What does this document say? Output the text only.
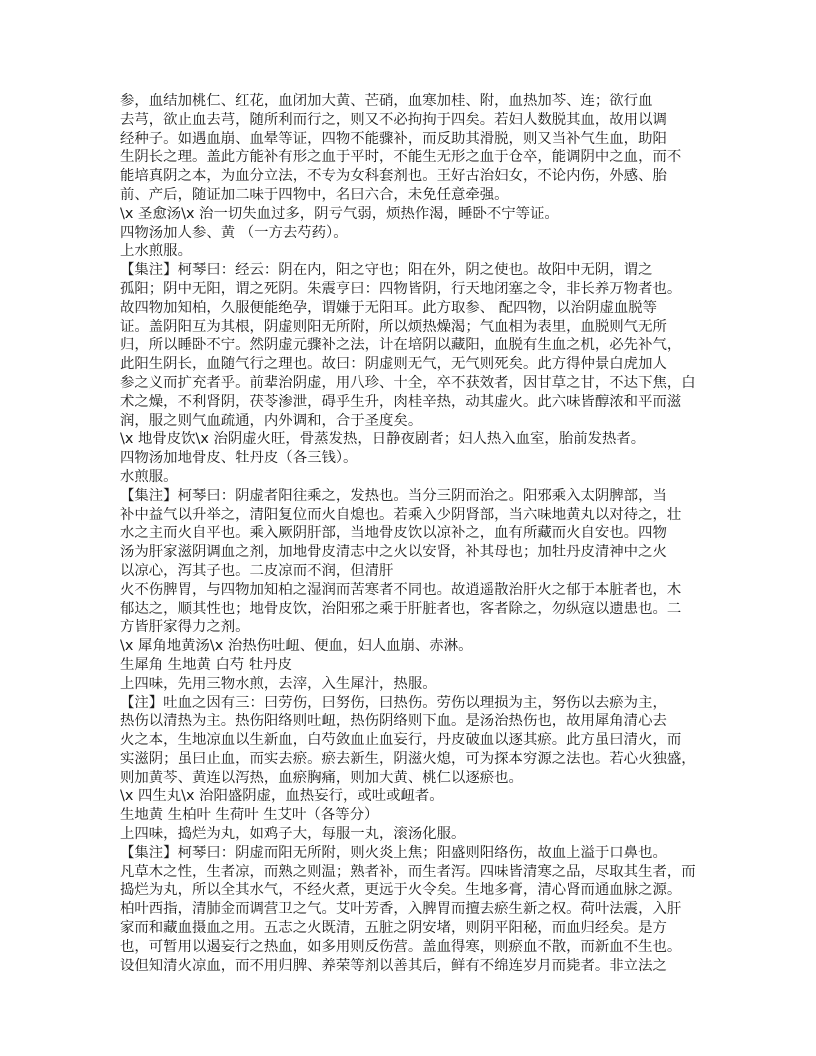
参，血结加桃仁、红花，血闭加大黄、芒硝，血寒加桂、附，血热加芩、连；欲行血
去芎，欲止血去芎，随所利而行之，则又不必拘拘于四矣。若妇人数脱其血，故用以调
经种子。如遇血崩、血晕等证，四物不能骤补，而反助其滑脱，则又当补气生血，助阳
生阴长之理。盖此方能补有形之血于平时，不能生无形之血于仓卒，能调阴中之血，而不
能培真阴之本，为血分立法，不专为女科套剂也。王好古治妇女，不论内伤，外感、胎
前、产后，随证加二味于四物中，名曰六合，未免任意牵强。
\x 圣愈汤\x 治一切失血过多，阴亏气弱，烦热作渴，睡卧不宁等证。
四物汤加人参、黄 （一方去芍药）。
上水煎服。
【集注】柯琴曰：经云：阴在内，阳之守也；阳在外，阴之使也。故阳中无阴，谓之
孤阳；阴中无阳，谓之死阴。朱震亨曰：四物皆阴，行天地闭塞之令，非长养万物者也。
故四物加知柏，久服便能绝孕，谓嫌于无阳耳。此方取参、 配四物，以治阴虚血脱等
证。盖阴阳互为其根，阴虚则阳无所附，所以烦热燥渴；气血相为表里，血脱则气无所
归，所以睡卧不宁。然阴虚元骤补之法，计在培阴以藏阳，血脱有生血之机，必先补气，
此阳生阴长，血随气行之理也。故曰：阴虚则无气，无气则死矣。此方得仲景白虎加人
参之义而扩充者乎。前辈治阴虚，用八珍、十全，卒不获效者，因甘草之甘，不达下焦，白
术之燥，不利肾阴，茯苓渗泄，碍乎生升，肉桂辛热，动其虚火。此六味皆醇浓和平而滋
润，服之则气血疏通，内外调和，合于圣度矣。
\x 地骨皮饮\x 治阴虚火旺，骨蒸发热，日静夜剧者；妇人热入血室，胎前发热者。
四物汤加地骨皮、牡丹皮（各三钱）。
水煎服。
【集注】柯琴曰：阴虚者阳往乘之，发热也。当分三阴而治之。阳邪乘入太阴脾部，当
补中益气以升举之，清阳复位而火自熄也。若乘入少阴肾部，当六味地黄丸以对待之，壮
水之主而火自平也。乘入厥阴肝部，当地骨皮饮以凉补之，血有所藏而火自安也。四物
汤为肝家滋阴调血之剂，加地骨皮清志中之火以安肾，补其母也；加牡丹皮清神中之火
以凉心，泻其子也。二皮凉而不润，但清肝
火不伤脾胃，与四物加知柏之湿润而苦寒者不同也。故逍遥散治肝火之郁于本脏者也，木
郁达之，顺其性也；地骨皮饮，治阳邪之乘于肝脏者也，客者除之，勿纵寇以遗患也。二
方皆肝家得力之剂。
\x 犀角地黄汤\x 治热伤吐衄、便血，妇人血崩、赤淋。
生犀角 生地黄 白芍 牡丹皮
上四味，先用三物水煎，去滓，入生犀汁，热服。
【注】吐血之因有三：曰劳伤，曰努伤，曰热伤。劳伤以理损为主，努伤以去瘀为主，
热伤以清热为主。热伤阳络则吐衄，热伤阴络则下血。是汤治热伤也，故用犀角清心去
火之本，生地凉血以生新血，白芍敛血止血妄行，丹皮破血以逐其瘀。此方虽曰清火，而
实滋阴；虽曰止血，而实去瘀。瘀去新生，阴滋火熄，可为探本穷源之法也。若心火独盛，
则加黄芩、黄连以泻热，血瘀胸痛，则加大黄、桃仁以逐瘀也。
\x 四生丸\x 治阳盛阴虚，血热妄行，或吐或衄者。
生地黄 生柏叶 生荷叶 生艾叶（各等分）
上四味，捣烂为丸，如鸡子大，每服一丸，滚汤化服。
【集注】柯琴曰：阴虚而阳无所附，则火炎上焦；阳盛则阳络伤，故血上溢于口鼻也。
凡草木之性，生者凉，而熟之则温；熟者补，而生者泻。四味皆清寒之品，尽取其生者，而
捣烂为丸，所以全其水气，不经火煮，更远于火令矣。生地多膏，清心肾而通血脉之源。
柏叶西指，清肺金而调营卫之气。艾叶芳香，入脾胃而擅去瘀生新之权。荷叶法震，入肝
家而和藏血摄血之用。五志之火既清，五脏之阴安堵，则阴平阳秘，而血归经矣。是方
也，可暂用以遏妄行之热血，如多用则反伤营。盖血得寒，则瘀血不散，而新血不生也。
设但知清火凉血，而不用归脾、养荣等剂以善其后，鲜有不绵连岁月而毙者。非立法之
